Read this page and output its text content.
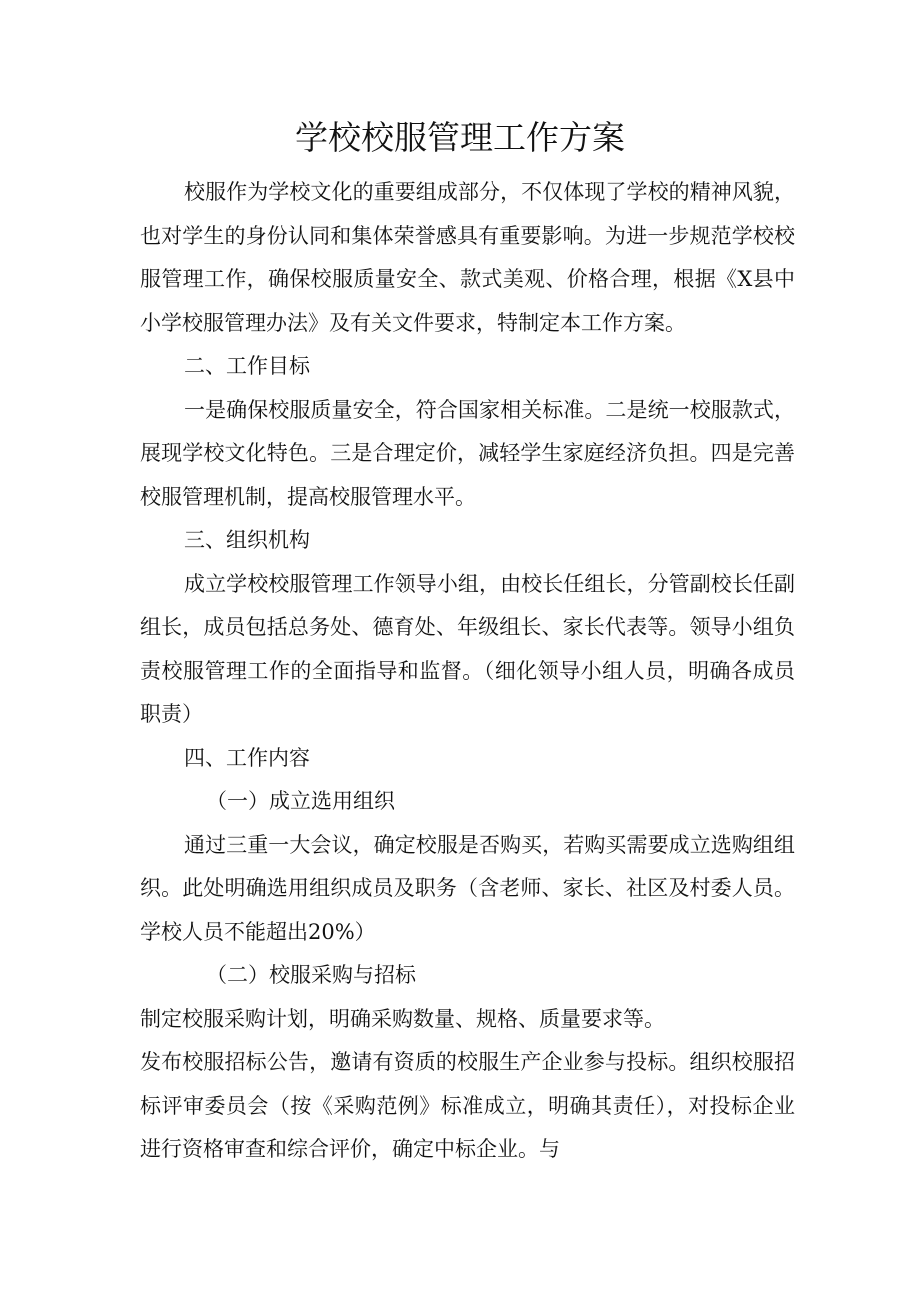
学校校服管理工作方案

校服作为学校文化的重要组成部分，不仅体现了学校的精神风貌，也对学生的身份认同和集体荣誉感具有重要影响。为进一步规范学校校服管理工作，确保校服质量安全、款式美观、价格合理，根据《X县中小学校服管理办法》及有关文件要求，特制定本工作方案。

二、工作目标

一是确保校服质量安全，符合国家相关标准。二是统一校服款式，展现学校文化特色。三是合理定价，减轻学生家庭经济负担。四是完善校服管理机制，提高校服管理水平。

三、组织机构

成立学校校服管理工作领导小组，由校长任组长，分管副校长任副组长，成员包括总务处、德育处、年级组长、家长代表等。领导小组负责校服管理工作的全面指导和监督。（细化领导小组人员，明确各成员职责）

四、工作内容

（一）成立选用组织

通过三重一大会议，确定校服是否购买，若购买需要成立选购组组织。此处明确选用组织成员及职务（含老师、家长、社区及村委人员。学校人员不能超出20%）

（二）校服采购与招标

制定校服采购计划，明确采购数量、规格、质量要求等。

发布校服招标公告，邀请有资质的校服生产企业参与投标。组织校服招标评审委员会（按《采购范例》标准成立，明确其责任），对投标企业进行资格审查和综合评价，确定中标企业。与
